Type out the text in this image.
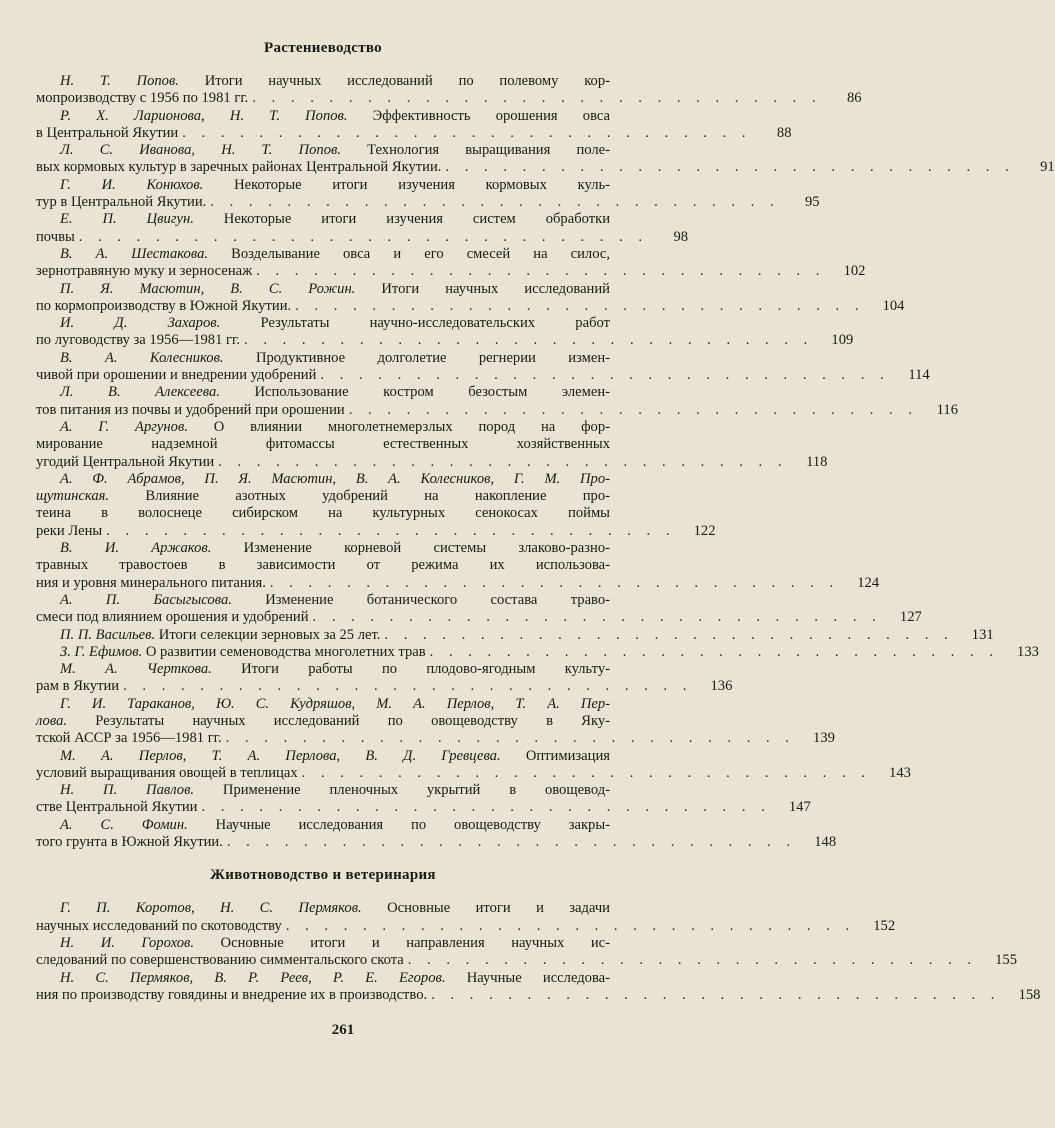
Растениеводство
Н. Т. Попов. Итоги научных исследований по полевому кор-
мопроизводству с 1956 по 1981 гг. . . . . . . . . . . . . . . . . . . . . . . . . . . . . . .	86
Р. Х. Ларионова, Н. Т. Попов. Эффективность орошения овса
в Центральной Якутии . . . . . . . . . . . . . . . . . . . . . . . . . . . . . .	88
Л. С. Иванова, Н. Т. Попов. Технология выращивания поле-
вых кормовых культур в заречных районах Центральной Якутии. . . . . . . . . . . . . . . . . . . . . . . . . . . . . . .	91
Г. И. Конюхов. Некоторые итоги изучения кормовых куль-
тур в Центральной Якутии. . . . . . . . . . . . . . . . . . . . . . . . . . . . . . .	95
Е. П. Цвигун. Некоторые итоги изучения систем обработки
почвы . . . . . . . . . . . . . . . . . . . . . . . . . . . . . .	98
В. А. Шестакова. Возделывание овса и его смесей на силос,
зернотравяную муку и зерносенаж . . . . . . . . . . . . . . . . . . . . . . . . . . . . . .	102
П. Я. Масютин, В. С. Рожин. Итоги научных исследований
по кормопроизводству в Южной Якутии. . . . . . . . . . . . . . . . . . . . . . . . . . . . . . .	104
И. Д. Захаров. Результаты научно-исследовательских работ
по луговодству за 1956—1981 гг. . . . . . . . . . . . . . . . . . . . . . . . . . . . . . .	109
В. А. Колесников. Продуктивное долголетие регнерии измен-
чивой при орошении и внедрении удобрений . . . . . . . . . . . . . . . . . . . . . . . . . . . . . .	114
Л. В. Алексеева. Использование костром безостым элемен-
тов питания из почвы и удобрений при орошении . . . . . . . . . . . . . . . . . . . . . . . . . . . . . .	116
А. Г. Аргунов. О влиянии многолетнемерзлых пород на фор-
мирование надземной фитомассы естественных хозяйственных
угодий Центральной Якутии . . . . . . . . . . . . . . . . . . . . . . . . . . . . . .	118
А. Ф. Абрамов, П. Я. Масютин, В. А. Колесников, Г. М. Про-
щутинская. Влияние азотных удобрений на накопление про-
теина в волоснеце сибирском на культурных сенокосах поймы
реки Лены . . . . . . . . . . . . . . . . . . . . . . . . . . . . . .	122
В. И. Аржаков. Изменение корневой системы злаково-разно-
травных травостоев в зависимости от режима их использова-
ния и уровня минерального питания. . . . . . . . . . . . . . . . . . . . . . . . . . . . . . .	124
А. П. Басыгысова. Изменение ботанического состава траво-
смеси под влиянием орошения и удобрений . . . . . . . . . . . . . . . . . . . . . . . . . . . . . .	127
П. П. Васильев. Итоги селекции зерновых за 25 лет. . . . . . . . . . . . . . . . . . . . . . . . . . . . . . .	131
З. Г. Ефимов. О развитии семеноводства многолетних трав . . . . . . . . . . . . . . . . . . . . . . . . . . . . . .	133
М. А. Черткова. Итоги работы по плодово-ягодным культу-
рам в Якутии . . . . . . . . . . . . . . . . . . . . . . . . . . . . . .	136
Г. И. Тараканов, Ю. С. Кудряшов, М. А. Перлов, Т. А. Пер-
лова. Результаты научных исследований по овощеводству в Яку-
тской АССР за 1956—1981 гг. . . . . . . . . . . . . . . . . . . . . . . . . . . . . . .	139
М. А. Перлов, Т. А. Перлова, В. Д. Гревцева. Оптимизация
условий выращивания овощей в теплицах . . . . . . . . . . . . . . . . . . . . . . . . . . . . . .	143
Н. П. Павлов. Применение пленочных укрытий в овощевод-
стве Центральной Якутии . . . . . . . . . . . . . . . . . . . . . . . . . . . . . .	147
А. С. Фомин. Научные исследования по овощеводству закры-
того грунта в Южной Якутии. . . . . . . . . . . . . . . . . . . . . . . . . . . . . . .	148
Животноводство и ветеринария
Г. П. Коротов, Н. С. Пермяков. Основные итоги и задачи
научных исследований по скотоводству . . . . . . . . . . . . . . . . . . . . . . . . . . . . . .	152
Н. И. Горохов. Основные итоги и направления научных ис-
следований по совершенствованию симментальского скота . . . . . . . . . . . . . . . . . . . . . . . . . . . . . .	155
Н. С. Пермяков, В. Р. Реев, Р. Е. Егоров. Научные исследова-
ния по производству говядины и внедрение их в производство. . . . . . . . . . . . . . . . . . . . . . . . . . . . . . .	158
261
